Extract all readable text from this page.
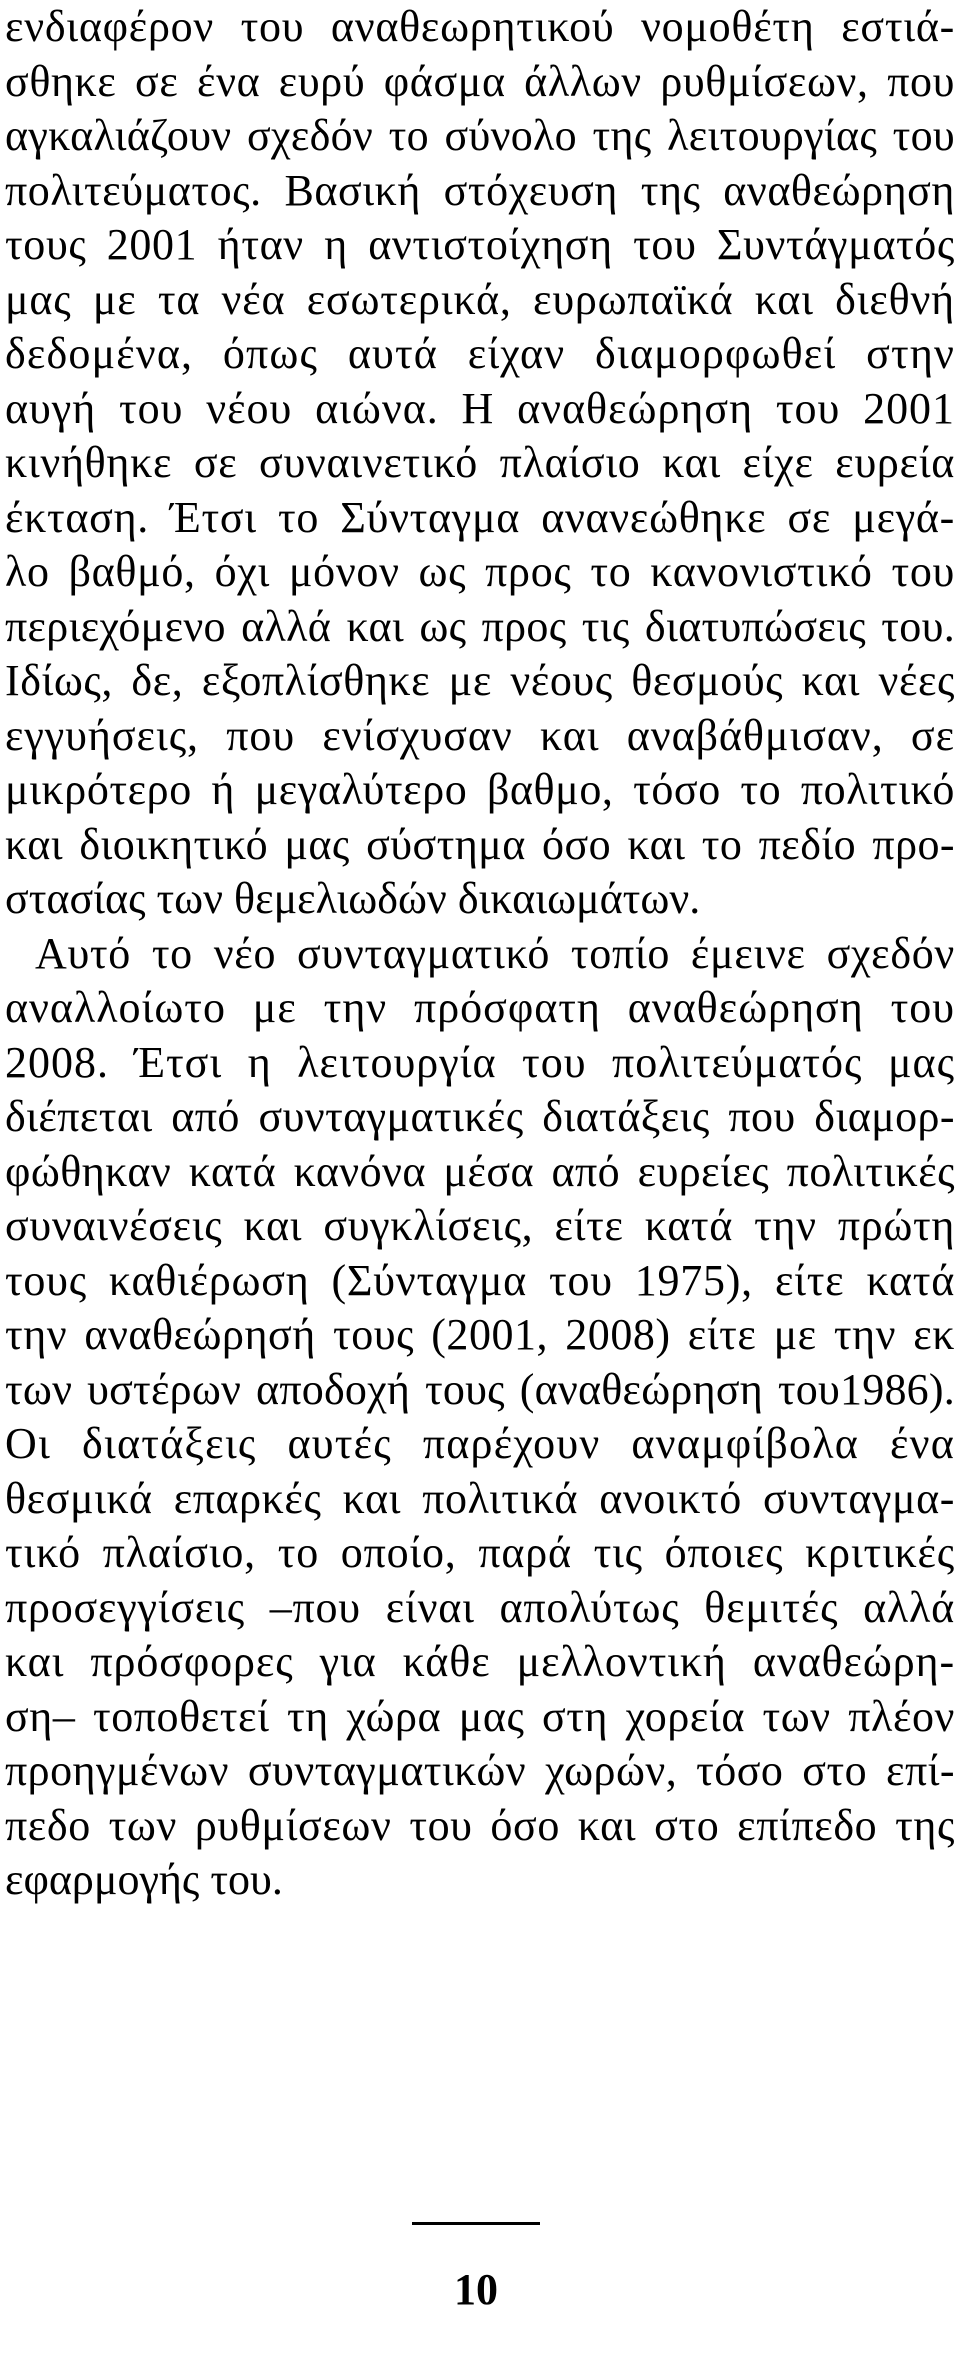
ενδιαφέρον του αναθεωρητικού νομοθέτη εστιά-
σθηκε σε ένα ευρύ φάσμα άλλων ρυθμίσεων, που
αγκαλιάζουν σχεδόν το σύνολο της λειτουργίας του
πολιτεύματος. Βασική στόχευση της αναθεώρηση
τους 2001 ήταν η αντιστοίχηση του Συντάγματός
μας με τα νέα εσωτερικά, ευρωπαϊκά και διεθνή
δεδομένα, όπως αυτά είχαν διαμορφωθεί στην
αυγή του νέου αιώνα. Η αναθεώρηση του 2001
κινήθηκε σε συναινετικό πλαίσιο και είχε ευρεία
έκταση. Έτσι το Σύνταγμα ανανεώθηκε σε μεγά-
λο βαθμό, όχι μόνον ως προς το κανονιστικό του
περιεχόμενο αλλά και ως προς τις διατυπώσεις του.
Ιδίως, δε, εξοπλίσθηκε με νέους θεσμούς και νέες
εγγυήσεις, που ενίσχυσαν και αναβάθμισαν, σε
μικρότερο ή μεγαλύτερο βαθμο, τόσο το πολιτικό
και διοικητικό μας σύστημα όσο και το πεδίο προ-
στασίας των θεμελιωδών δικαιωμάτων.
Αυτό το νέο συνταγματικό τοπίο έμεινε σχεδόν
αναλλοίωτο με την πρόσφατη αναθεώρηση του
2008. Έτσι η λειτουργία του πολιτεύματός μας
διέπεται από συνταγματικές διατάξεις που διαμορ-
φώθηκαν κατά κανόνα μέσα από ευρείες πολιτικές
συναινέσεις και συγκλίσεις, είτε κατά την πρώτη
τους καθιέρωση (Σύνταγμα του 1975), είτε κατά
την αναθεώρησή τους (2001, 2008) είτε με την εκ
των υστέρων αποδοχή τους (αναθεώρηση του1986).
Οι διατάξεις αυτές παρέχουν αναμφίβολα ένα
θεσμικά επαρκές και πολιτικά ανοικτό συνταγμα-
τικό πλαίσιο, το οποίο, παρά τις όποιες κριτικές
προσεγγίσεις –που είναι απολύτως θεμιτές αλλά
και πρόσφορες για κάθε μελλοντική αναθεώρη-
ση– τοποθετεί τη χώρα μας στη χορεία των πλέον
προηγμένων συνταγματικών χωρών, τόσο στο επί-
πεδο των ρυθμίσεων του όσο και στο επίπεδο της
εφαρμογής του.
10
